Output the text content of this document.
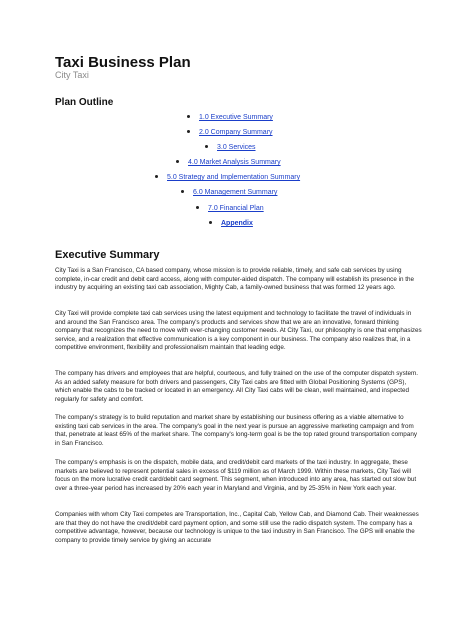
Taxi Business Plan
City Taxi
Plan Outline
1.0 Executive Summary
2.0 Company Summary
3.0 Services
4.0 Market Analysis Summary
5.0 Strategy and Implementation Summary
6.0 Management Summary
7.0 Financial Plan
Appendix
Executive Summary

City Taxi is a San Francisco, CA based company, whose mission is to provide reliable, timely, and safe cab services by using complete, in-car credit and debit card access, along with computer-aided dispatch. The company will establish its presence in the industry by acquiring an existing taxi cab association, Mighty Cab, a family-owned business that was formed 12 years ago.

City Taxi will provide complete taxi cab services using the latest equipment and technology to facilitate the travel of individuals in and around the San Francisco area. The company's products and services show that we are an innovative, forward thinking company that recognizes the need to move with ever-changing customer needs. At City Taxi, our philosophy is one that emphasizes service, and a realization that effective communication is a key component in our business. The company also realizes that, in a competitive environment, flexibility and professionalism maintain that leading edge.

The company has drivers and employees that are helpful, courteous, and fully trained on the use of the computer dispatch system. As an added safety measure for both drivers and passengers, City Taxi cabs are fitted with Global Positioning Systems (GPS), which enable the cabs to be tracked or located in an emergency. All City Taxi cabs will be clean, well maintained, and inspected regularly for safety and comfort.

The company's strategy is to build reputation and market share by establishing our business offering as a viable alternative to existing taxi cab services in the area. The company's goal in the next year is pursue an aggressive marketing campaign and from that, penetrate at least 65% of the market share. The company's long-term goal is be the top rated ground transportation company in San Francisco.

The company's emphasis is on the dispatch, mobile data, and credit/debit card markets of the taxi industry. In aggregate, these markets are believed to represent potential sales in excess of $119 million as of March 1999. Within these markets, City Taxi will focus on the more lucrative credit card/debit card segment. This segment, when introduced into any area, has started out slow but over a three-year period has increased by 20% each year in Maryland and Virginia, and by 25-35% in New York each year.

Companies with whom City Taxi competes are Transportation, Inc., Capital Cab, Yellow Cab, and Diamond Cab. Their weaknesses are that they do not have the credit/debit card payment option, and some still use the radio dispatch system. The company has a competitive advantage, however, because our technology is unique to the taxi industry in San Francisco. The GPS will enable the company to provide timely service by giving an accurate
